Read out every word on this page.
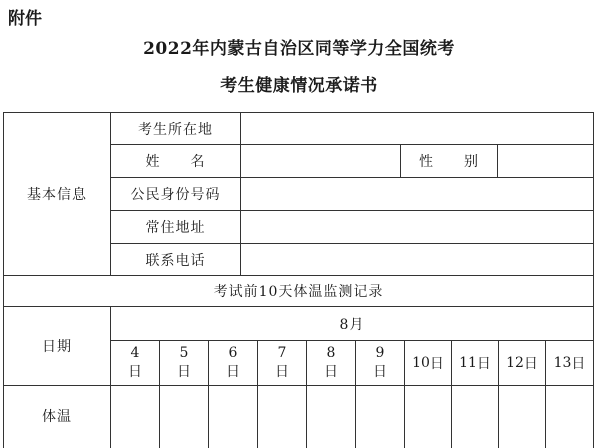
附件
2022年内蒙古自治区同等学力全国统考
考生健康情况承诺书
基本信息
考生所在地
姓　　名	性　　别
公民身份号码
常住地址
联系电话
考试前10天体温监测记录
日期
8月
4
日
5
日
6
日
7
日
8
日
9
日
10 日 11 日 12 日 13 日
体温
